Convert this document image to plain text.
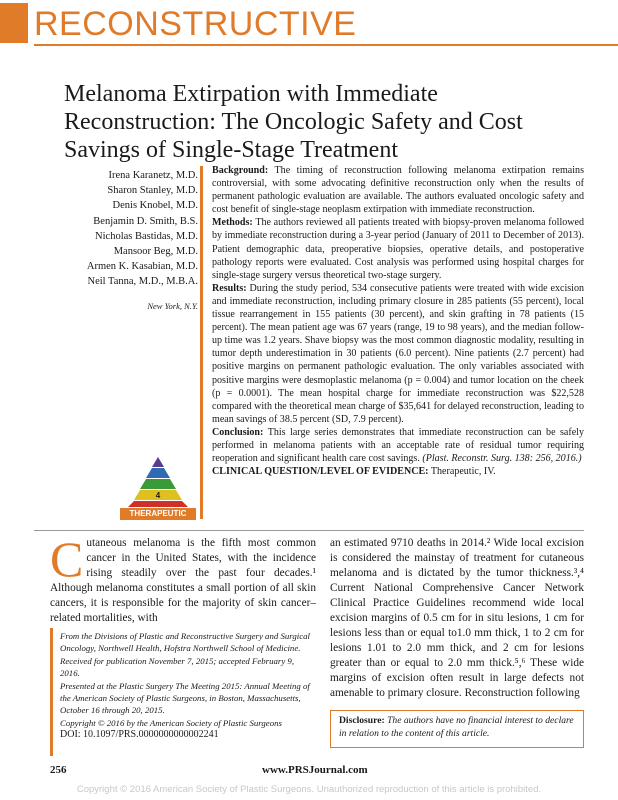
RECONSTRUCTIVE
Melanoma Extirpation with Immediate Reconstruction: The Oncologic Safety and Cost Savings of Single-Stage Treatment
Irena Karanetz, M.D.
Sharon Stanley, M.D.
Denis Knobel, M.D.
Benjamin D. Smith, B.S.
Nicholas Bastidas, M.D.
Mansoor Beg, M.D.
Armen K. Kasabian, M.D.
Neil Tanna, M.D., M.B.A.
New York, N.Y.

Background: The timing of reconstruction following melanoma extirpation remains controversial, with some advocating definitive reconstruction only when the results of permanent pathologic evaluation are available. The authors evaluated oncologic safety and cost benefit of single-stage neoplasm extirpation with immediate reconstruction.

Methods: The authors reviewed all patients treated with biopsy-proven melanoma followed by immediate reconstruction during a 3-year period (January of 2011 to December of 2013). Patient demographic data, preoperative biopsies, operative details, and postoperative pathology reports were evaluated. Cost analysis was performed using hospital charges for single-stage surgery versus theoretical two-stage surgery.

Results: During the study period, 534 consecutive patients were treated with wide excision and immediate reconstruction, including primary closure in 285 patients (55 percent), local tissue rearrangement in 155 patients (30 percent), and skin grafting in 78 patients (15 percent). The mean patient age was 67 years (range, 19 to 98 years), and the median follow-up time was 1.2 years. Shave biopsy was the most common diagnostic modality, resulting in tumor depth underestimation in 30 patients (6.0 percent). Nine patients (2.7 percent) had positive margins on permanent pathologic evaluation. The only variables associated with positive margins were desmoplastic melanoma (p = 0.004) and tumor location on the cheek (p = 0.0001). The mean hospital charge for immediate reconstruction was $22,528 compared with the theoretical mean charge of $35,641 for delayed reconstruction, leading to mean savings of 38.5 percent (SD, 7.9 percent).

Conclusion: This large series demonstrates that immediate reconstruction can be safely performed in melanoma patients with an acceptable rate of residual tumor requiring reoperation and significant health care cost savings. (Plast. Reconstr. Surg. 138: 256, 2016.)

CLINICAL QUESTION/LEVEL OF EVIDENCE: Therapeutic, IV.

4
THERAPEUTIC
Cutaneous melanoma is the fifth most common cancer in the United States, with the incidence rising steadily over the past four decades.¹ Although melanoma constitutes a small portion of all skin cancers, it is responsible for the majority of skin cancer–related mortalities, with
an estimated 9710 deaths in 2014.² Wide local excision is considered the mainstay of treatment for cutaneous melanoma and is dictated by the tumor thickness.³,⁴ Current National Comprehensive Cancer Network Clinical Practice Guidelines recommend wide local excision margins of 0.5 cm for in situ lesions, 1 cm for lesions less than or equal to1.0 mm thick, 1 to 2 cm for lesions 1.01 to 2.0 mm thick, and 2 cm for lesions greater than or equal to 2.0 mm thick.⁵,⁶ These wide margins of excision often result in large defects not amenable to primary closure. Reconstruction following

From the Divisions of Plastic and Reconstructive Surgery and Surgical Oncology, Northwell Health, Hofstra Northwell School of Medicine.

Received for publication November 7, 2015; accepted February 9, 2016.

Presented at the Plastic Surgery The Meeting 2015: Annual Meeting of the American Society of Plastic Surgeons, in Boston, Massachusetts, October 16 through 20, 2015.

Copyright © 2016 by the American Society of Plastic Surgeons

DOI: 10.1097/PRS.0000000000002241

Disclosure: The authors have no financial interest to declare in relation to the content of this article.
256	www.PRSJournal.com
Copyright © 2016 American Society of Plastic Surgeons. Unauthorized reproduction of this article is prohibited.
